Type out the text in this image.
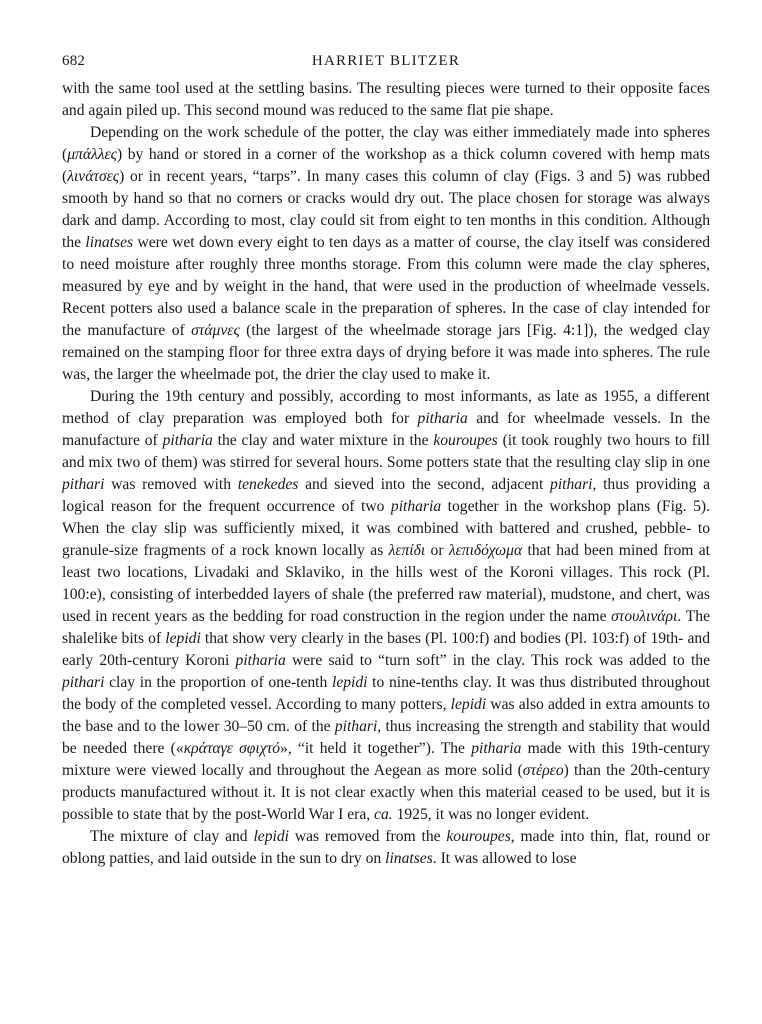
682	HARRIET BLITZER

with the same tool used at the settling basins. The resulting pieces were turned to their opposite faces and again piled up. This second mound was reduced to the same flat pie shape.

Depending on the work schedule of the potter, the clay was either immediately made into spheres (μπάλλες) by hand or stored in a corner of the workshop as a thick column covered with hemp mats (λινάτσες) or in recent years, “tarps”. In many cases this column of clay (Figs. 3 and 5) was rubbed smooth by hand so that no corners or cracks would dry out. The place chosen for storage was always dark and damp. According to most, clay could sit from eight to ten months in this condition. Although the linatses were wet down every eight to ten days as a matter of course, the clay itself was considered to need moisture after roughly three months storage. From this column were made the clay spheres, measured by eye and by weight in the hand, that were used in the production of wheelmade vessels. Recent potters also used a balance scale in the preparation of spheres. In the case of clay intended for the manufacture of στάμνες (the largest of the wheelmade storage jars [Fig. 4:1]), the wedged clay remained on the stamping floor for three extra days of drying before it was made into spheres. The rule was, the larger the wheelmade pot, the drier the clay used to make it.

During the 19th century and possibly, according to most informants, as late as 1955, a different method of clay preparation was employed both for pitharia and for wheelmade vessels. In the manufacture of pitharia the clay and water mixture in the kouroupes (it took roughly two hours to fill and mix two of them) was stirred for several hours. Some potters state that the resulting clay slip in one pithari was removed with tenekedes and sieved into the second, adjacent pithari, thus providing a logical reason for the frequent occurrence of two pitharia together in the workshop plans (Fig. 5). When the clay slip was sufficiently mixed, it was combined with battered and crushed, pebble- to granule-size fragments of a rock known locally as λεπίδι or λεπιδόχωμα that had been mined from at least two locations, Livadaki and Sklaviko, in the hills west of the Koroni villages. This rock (Pl. 100:e), consisting of interbedded layers of shale (the preferred raw material), mudstone, and chert, was used in recent years as the bedding for road construction in the region under the name στουλινάρι. The shalelike bits of lepidi that show very clearly in the bases (Pl. 100:f) and bodies (Pl. 103:f) of 19th- and early 20th-century Koroni pitharia were said to “turn soft” in the clay. This rock was added to the pithari clay in the proportion of one-tenth lepidi to nine-tenths clay. It was thus distributed throughout the body of the completed vessel. According to many potters, lepidi was also added in extra amounts to the base and to the lower 30–50 cm. of the pithari, thus increasing the strength and stability that would be needed there («κράταγε σφιχτό», “it held it together”). The pitharia made with this 19th-century mixture were viewed locally and throughout the Aegean as more solid (στέρεο) than the 20th-century products manufactured without it. It is not clear exactly when this material ceased to be used, but it is possible to state that by the post-World War I era, ca. 1925, it was no longer evident.

The mixture of clay and lepidi was removed from the kouroupes, made into thin, flat, round or oblong patties, and laid outside in the sun to dry on linatses. It was allowed to lose
